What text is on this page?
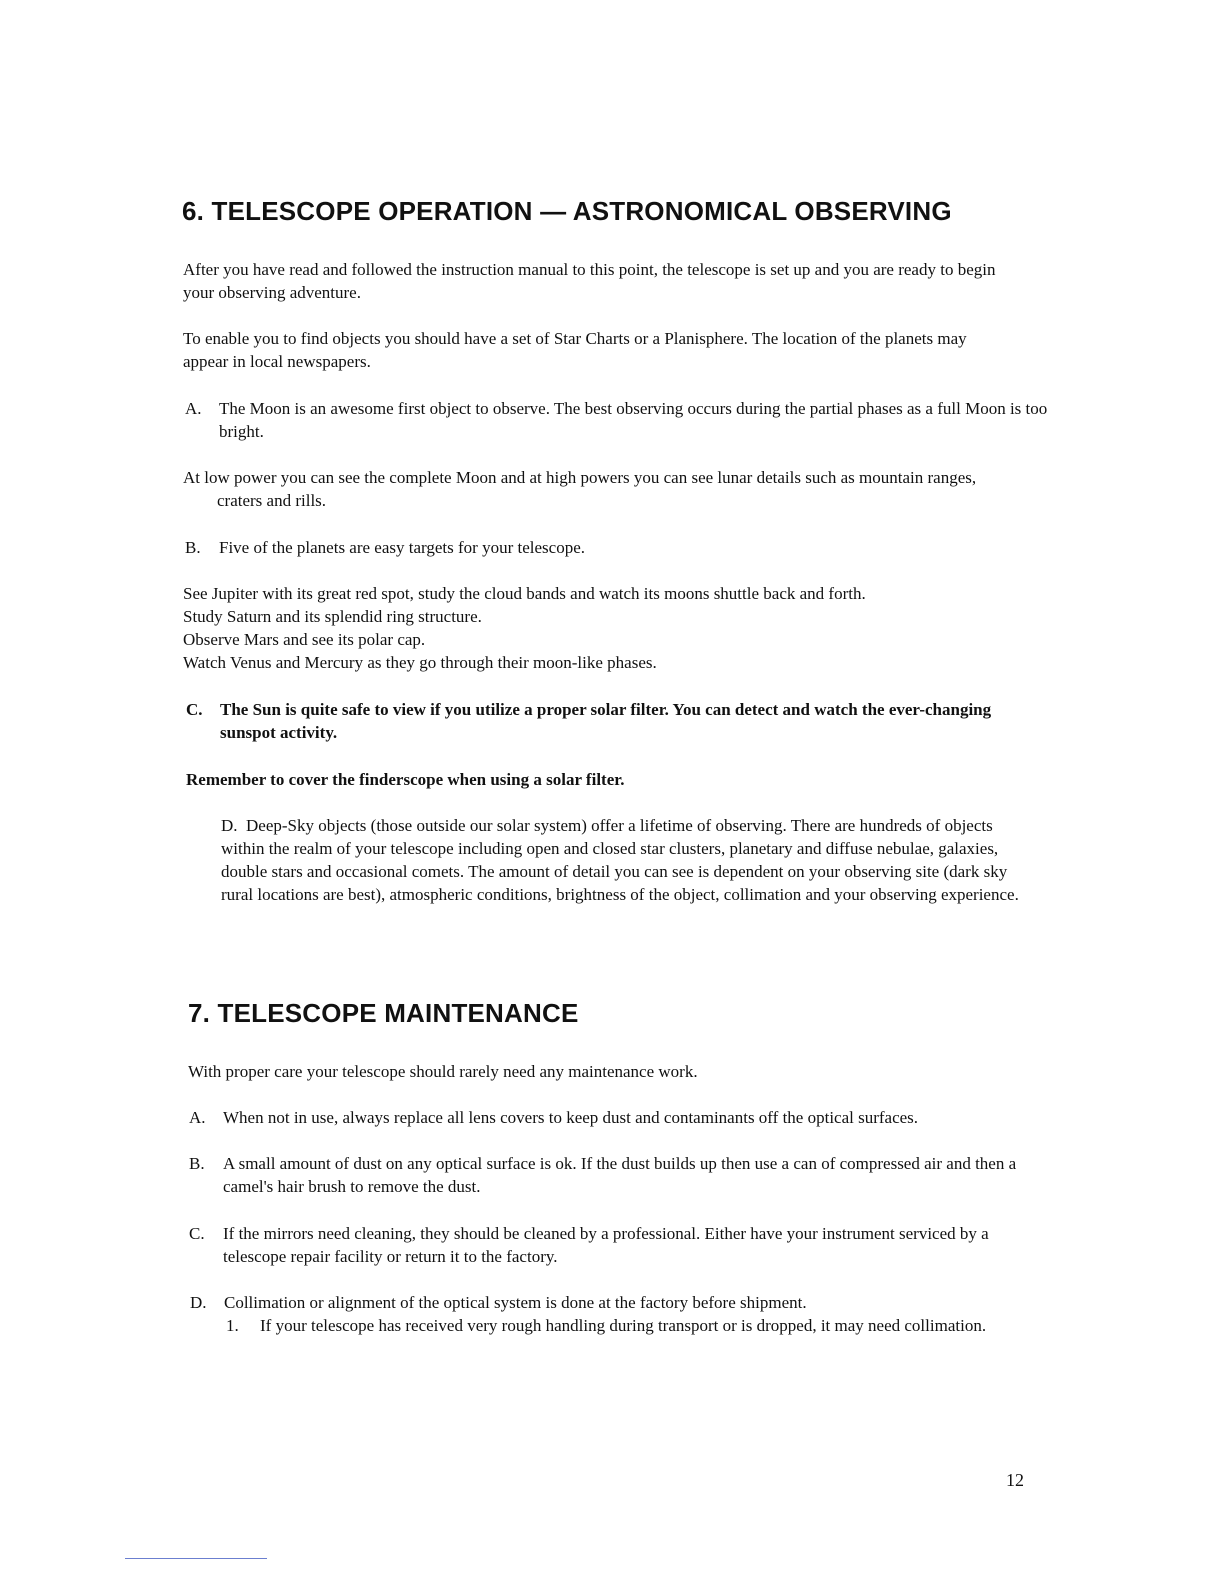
6. TELESCOPE OPERATION — ASTRONOMICAL OBSERVING

After you have read and followed the instruction manual to this point, the telescope is set up and you are ready to begin your observing adventure.

To enable you to find objects you should have a set of Star Charts or a Planisphere. The location of the planets may appear in local newspapers.

A. The Moon is an awesome first object to observe. The best observing occurs during the partial phases as a full Moon is too bright.

At low power you can see the complete Moon and at high powers you can see lunar details such as mountain ranges, craters and rills.

B. Five of the planets are easy targets for your telescope.

See Jupiter with its great red spot, study the cloud bands and watch its moons shuttle back and forth.

Study Saturn and its splendid ring structure.

Observe Mars and see its polar cap.

Watch Venus and Mercury as they go through their moon-like phases.

C. The Sun is quite safe to view if you utilize a proper solar filter. You can detect and watch the ever-changing sunspot activity.

Remember to cover the finderscope when using a solar filter.

D. Deep-Sky objects (those outside our solar system) offer a lifetime of observing. There are hundreds of objects within the realm of your telescope including open and closed star clusters, planetary and diffuse nebulae, galaxies, double stars and occasional comets. The amount of detail you can see is dependent on your observing site (dark sky rural locations are best), atmospheric conditions, brightness of the object, collimation and your observing experience.

7. TELESCOPE MAINTENANCE

With proper care your telescope should rarely need any maintenance work.

A. When not in use, always replace all lens covers to keep dust and contaminants off the optical surfaces.

B. A small amount of dust on any optical surface is ok. If the dust builds up then use a can of compressed air and then a camel's hair brush to remove the dust.

C. If the mirrors need cleaning, they should be cleaned by a professional. Either have your instrument serviced by a telescope repair facility or return it to the factory.

D. Collimation or alignment of the optical system is done at the factory before shipment.

1. If your telescope has received very rough handling during transport or is dropped, it may need collimation.

12
